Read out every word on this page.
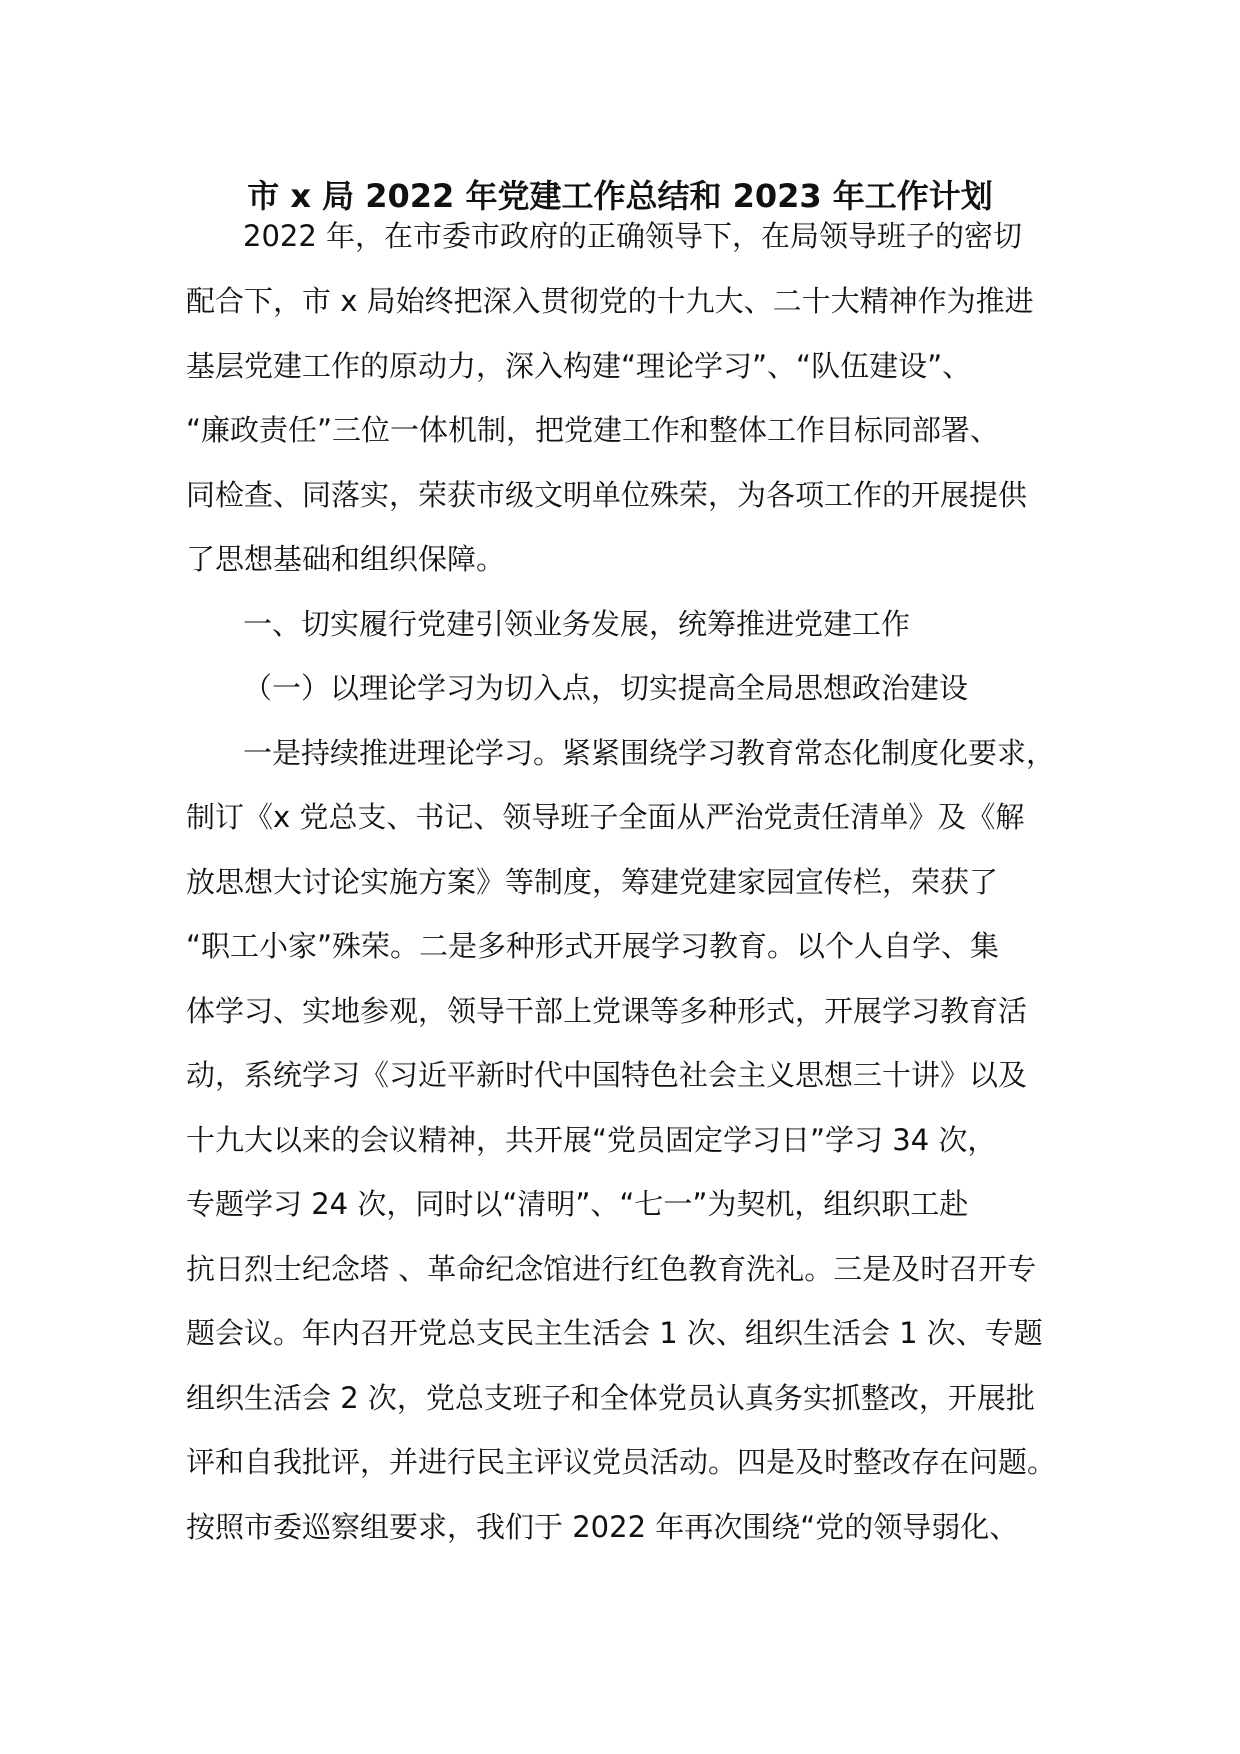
市 x 局 2022 年党建工作总结和 2023 年工作计划
2022 年，在市委市政府的正确领导下，在局领导班子的密切
配合下，市 x 局始终把深入贯彻党的十九大、二十大精神作为推进
基层党建工作的原动力，深入构建“理论学习”、“队伍建设”、
“廉政责任”三位一体机制，把党建工作和整体工作目标同部署、
同检查、同落实，荣获市级文明单位殊荣，为各项工作的开展提供
了思想基础和组织保障。
一、切实履行党建引领业务发展，统筹推进党建工作
（一）以理论学习为切入点，切实提高全局思想政治建设
一是持续推进理论学习。紧紧围绕学习教育常态化制度化要求，
制订《x 党总支、书记、领导班子全面从严治党责任清单》及《解
放思想大讨论实施方案》等制度，筹建党建家园宣传栏，荣获了
“职工小家”殊荣。二是多种形式开展学习教育。以个人自学、集
体学习、实地参观，领导干部上党课等多种形式，开展学习教育活
动，系统学习《习近平新时代中国特色社会主义思想三十讲》以及
十九大以来的会议精神，共开展“党员固定学习日”学习 34 次，
专题学习 24 次，同时以“清明”、“七一”为契机，组织职工赴
抗日烈士纪念塔 、革命纪念馆进行红色教育洗礼。三是及时召开专
题会议。年内召开党总支民主生活会 1 次、组织生活会 1 次、专题
组织生活会 2 次，党总支班子和全体党员认真务实抓整改，开展批
评和自我批评，并进行民主评议党员活动。四是及时整改存在问题。
按照市委巡察组要求，我们于 2022 年再次围绕“党的领导弱化、
